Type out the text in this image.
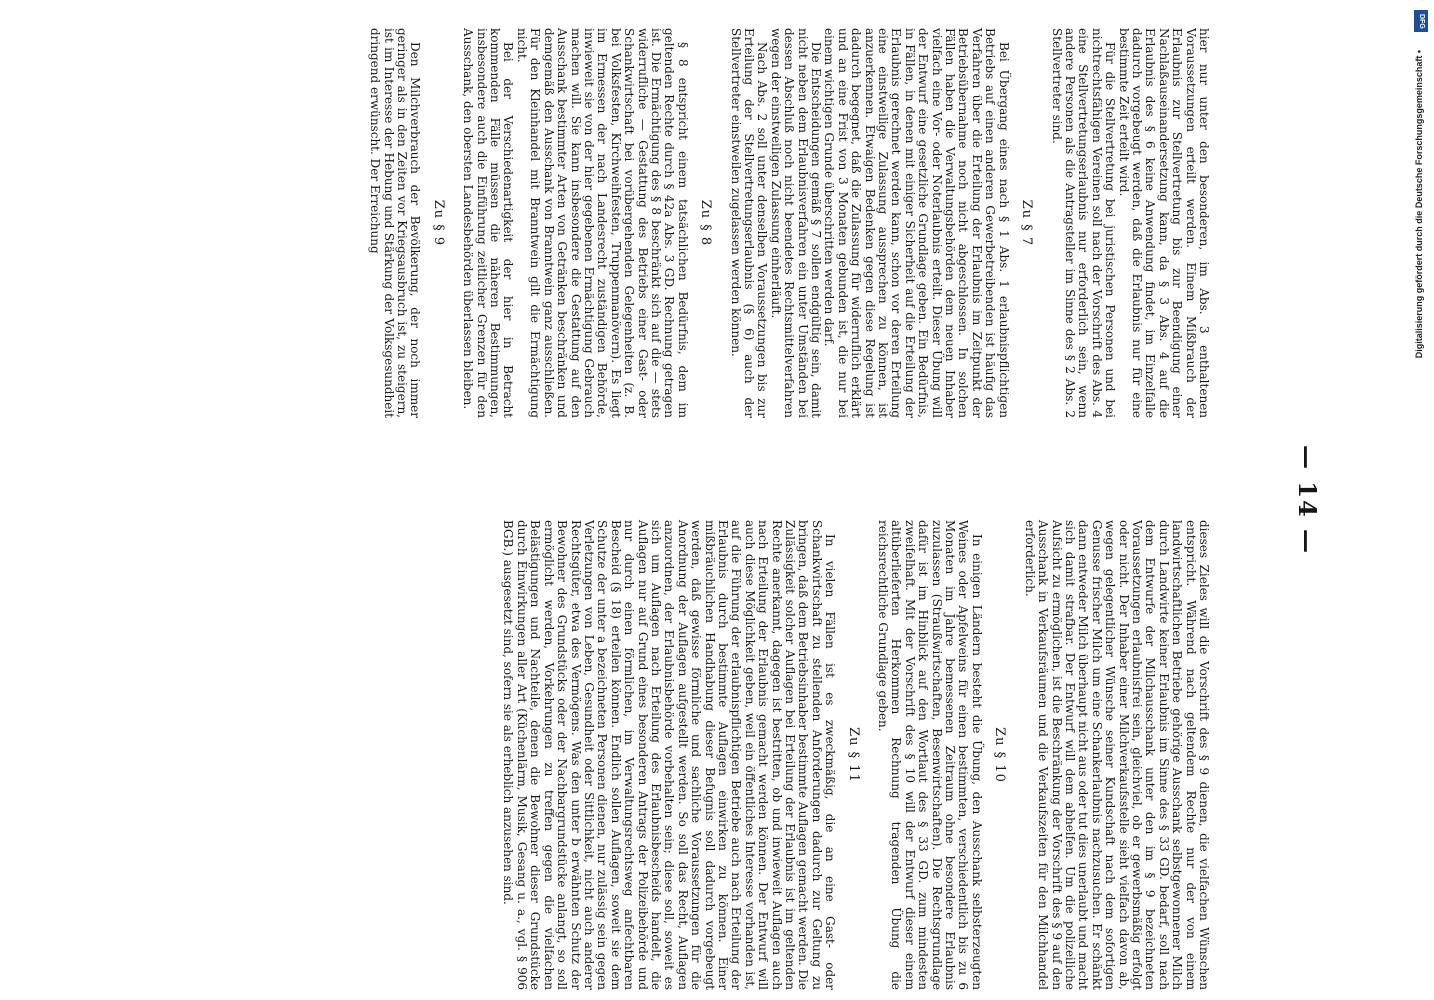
— 14 —

hier nur unter den besonderen, im Abs. 3 enthaltenen Voraussetzungen erteilt werden. Einem Mißbrauch der Erlaubnis zur Stellvertretung bis zur Beendigung einer Nachlaßauseinandersetzung kann, da § 3 Abs. 4 auf die Erlaubnis des § 6 keine Anwendung findet, im Einzelfalle dadurch vorgebeugt werden, daß die Erlaubnis nur für eine bestimmte Zeit erteilt wird.

Für die Stellvertretung bei juristischen Personen und bei nichtrechtsfähigen Vereinen soll nach der Vorschrift des Abs. 4 eine Stellvertretungserlaubnis nur erforderlich sein, wenn andere Personen als die Antragsteller im Sinne des § 2 Abs. 2 Stellvertreter sind.

Zu § 7

Bei Übergang eines nach § 1 Abs. 1 erlaubnispflichtigen Betriebs auf einen anderen Gewerbetreibenden ist häufig das Verfahren über die Erteilung der Erlaubnis im Zeitpunkt der Betriebsübernahme noch nicht abgeschlossen. In solchen Fällen haben die Verwaltungsbehörden dem neuen Inhaber vielfach eine Vor- oder Noterlaubnis erteilt. Dieser Übung will der Entwurf eine gesetzliche Grundlage geben. Ein Bedürfnis, in Fällen, in denen mit einiger Sicherheit auf die Erteilung der Erlaubnis gerechnet werden kann, schon vor deren Erteilung eine einstweilige Zulassung aussprechen zu können, ist anzuerkennen. Etwaigen Bedenken gegen diese Regelung ist dadurch begegnet, daß die Zulassung für widerruflich erklärt und an eine Frist von 3 Monaten gebunden ist, die nur bei einem wichtigen Grunde überschritten werden darf.

Die Entscheidungen gemäß § 7 sollen endgültig sein, damit nicht neben dem Erlaubnisverfahren ein unter Umständen bei dessen Abschluß noch nicht beendetes Rechtsmittelverfahren wegen der einstweiligen Zulassung einherläuft.

Nach Abs. 2 soll unter denselben Voraussetzungen bis zur Erteilung der Stellvertretungserlaubnis (§ 6) auch der Stellvertreter einstweilen zugelassen werden können.

Zu § 8

§ 8 entspricht einem tatsächlichen Bedürfnis, dem im geltenden Rechte durch § 42a Abs. 3 GD. Rechnung getragen ist. Die Ermächtigung des § 8 beschränkt sich auf die — stets widerrufliche — Gestattung des Betriebs einer Gast- oder Schankwirtschaft bei vorübergehenden Gelegenheiten (z. B. bei Volksfesten, Kirchweihfesten, Truppenmanövern). Es liegt im Ermessen der nach Landesrecht zuständigen Behörde, inwieweit sie von der hier gegebenen Ermächtigung Gebrauch machen will. Sie kann insbesondere die Gestattung auf den Ausschank bestimmter Arten von Getränken beschränken und demgemäß den Ausschank von Branntwein ganz ausschließen. Für den Kleinhandel mit Branntwein gilt die Ermächtigung nicht.

Bei der Verschiedenartigkeit der hier in Betracht kommenden Fälle müssen die näheren Bestimmungen, insbesondere auch die Einführung zeitlicher Grenzen für den Ausschank, den obersten Landesbehörden überlassen bleiben.

Zu § 9

Den Milchverbrauch der Bevölkerung, der noch immer geringer als in den Zeiten vor Kriegsausbruch ist, zu steigern, ist im Interesse der Hebung und Stärkung der Volksgesundheit dringend erwünscht. Der Erreichung

dieses Zieles will die Vorschrift des § 9 dienen, die vielfachen Wünschen entspricht. Während nach geltendem Rechte nur der von einem landwirtschaftlichen Betriebe gehörige Ausschank selbstgewonnener Milch durch Landwirte keiner Erlaubnis im Sinne des § 33 GD. bedarf, soll nach dem Entwurfe der Milchausschank unter den im § 9 bezeichneten Voraussetzungen erlaubnisfrei sein, gleichviel, ob er gewerbsmäßig erfolgt oder nicht. Der Inhaber einer Milchverkaufsstelle sieht vielfach davon ab, wegen gelegentlicher Wünsche seiner Kundschaft nach dem sofortigen Genusse frischer Milch um eine Schankerlaubnis nachzusuchen. Er schänkt dann entweder Milch überhaupt nicht aus oder tut dies unerlaubt und macht sich damit strafbar. Der Entwurf will dem abhelfen. Um die polizeiliche Aufsicht zu ermöglichen, ist die Beschränkung der Vorschrift des § 9 auf den Ausschank in Verkaufsräumen und die Verkaufszeiten für den Milchhandel erforderlich.

Zu § 10

In einigen Ländern besteht die Übung, den Ausschank selbsterzeugten Weines oder Apfelweins für einen bestimmten, verschiedentlich bis zu 6 Monaten im Jahre bemessenen Zeitraum ohne besondere Erlaubnis zuzulassen (Straußwirtschaften, Besenwirtschaften). Die Rechtsgrundlage dafür ist im Hinblick auf den Wortlaut des § 33 GD. zum mindesten zweifelhaft. Mit der Vorschrift des § 10 will der Entwurf dieser einem altüberlieferten Herkommen Rechnung tragenden Übung die reichsrechtliche Grundlage geben.

Zu § 11

In vielen Fällen ist es zweckmäßig, die an eine Gast- oder Schankwirtschaft zu stellenden Anforderungen dadurch zur Geltung zu bringen, daß dem Betriebsinhaber bestimmte Auflagen gemacht werden. Die Zulässigkeit solcher Auflagen bei Erteilung der Erlaubnis ist im geltenden Rechte anerkannt, dagegen ist bestritten, ob und inwieweit Auflagen auch nach Erteilung der Erlaubnis gemacht werden können. Der Entwurf will auch diese Möglichkeit geben, weil ein öffentliches Interesse vorhanden ist, auf die Führung der erlaubnispflichtigen Betriebe auch nach Erteilung der Erlaubnis durch bestimmte Auflagen einwirken zu können. Einer mißbräuchlichen Handhabung dieser Befugnis soll dadurch vorgebeugt werden, daß gewisse förmliche und sachliche Voraussetzungen für die Anordnung der Auflagen aufgestellt werden. So soll das Recht, Auflagen anzuordnen, der Erlaubnisbehörde vorbehalten sein; diese soll, soweit es sich um Auflagen nach Erteilung des Erlaubnisbescheids handelt, die Auflagen nur auf Grund eines besonderen Antrags der Polizeibehörde und nur durch einen förmlichen, im Verwaltungsrechtsweg anfechtbaren Bescheid (§ 18) erteilen können. Endlich sollen Auflagen, soweit sie dem Schutze der unter a bezeichneten Personen dienen, nur zulässig sein gegen Verletzungen von Leben, Gesundheit oder Sittlichkeit, nicht auch anderer Rechtsgüter, etwa des Vermögens. Was den unter b erwähnten Schutz der Bewohner des Grundstücks oder der Nachbargrundstücke anlangt, so soll ermöglicht werden, Vorkehrungen zu treffen gegen die vielfachen Belästigungen und Nachteile, denen die Bewohner dieser Grundstücke durch Einwirkungen aller Art (Küchenlärm, Musik, Gesang u. a., vgl. § 906 BGB.) ausgesetzt sind, sofern sie als erheblich anzusehen sind.

DFG
Digitalisierung gefördert durch die Deutsche Forschungsgemeinschaft •
